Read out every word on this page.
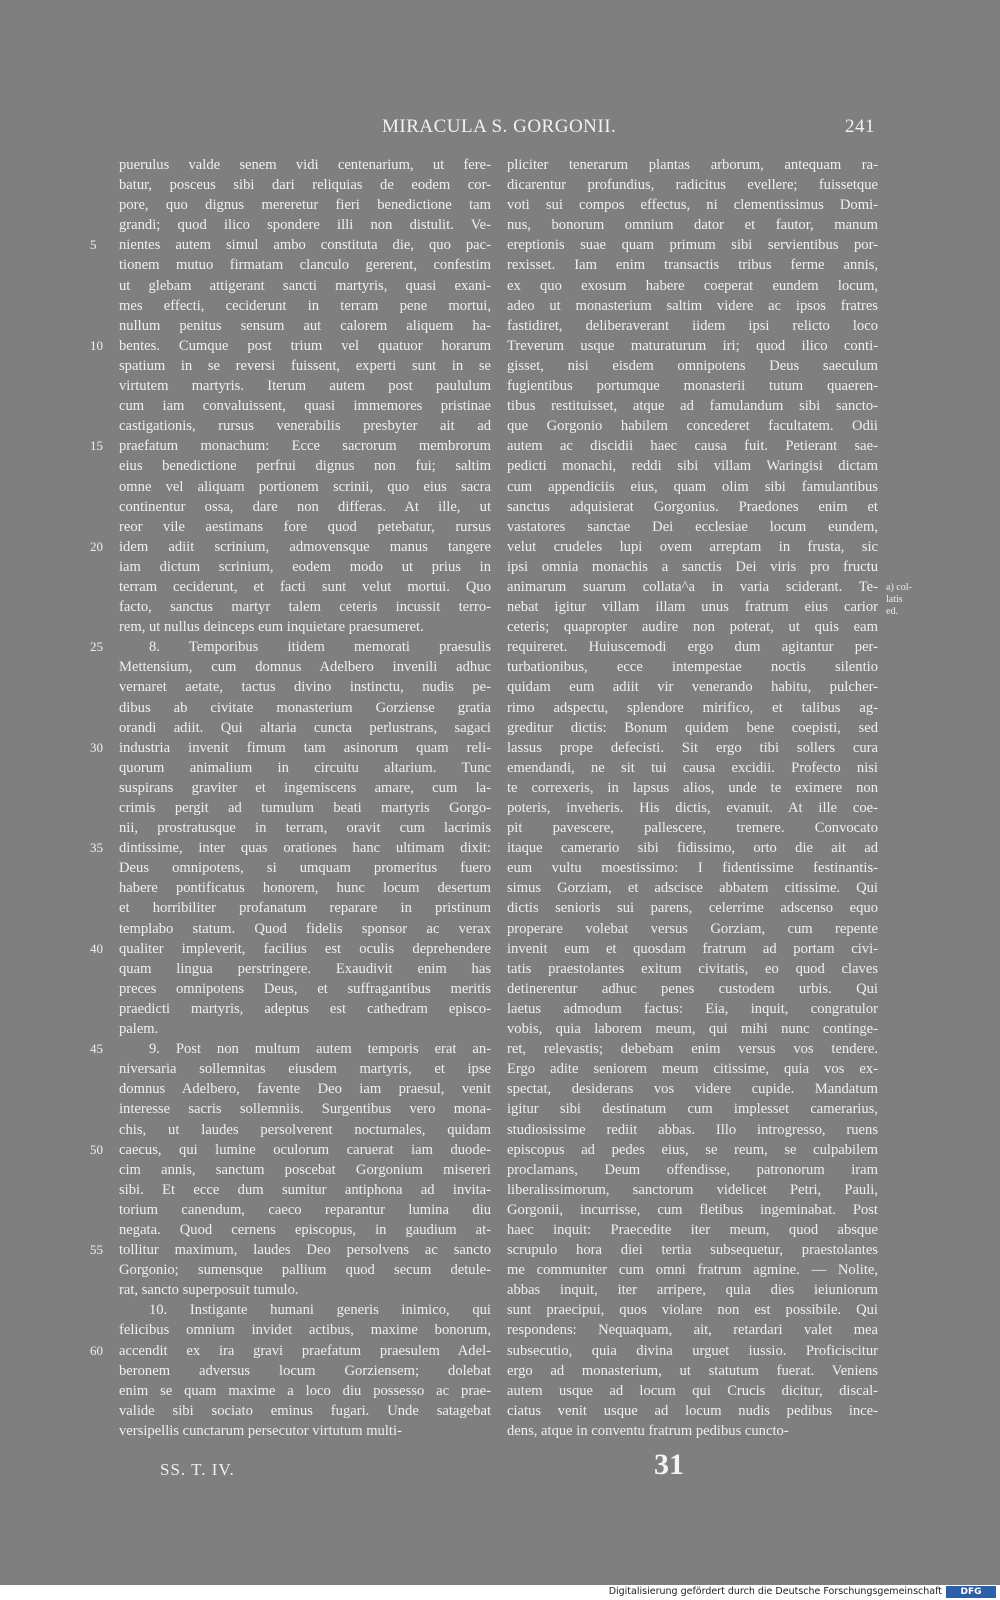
MIRACULA S. GORGONII.	241
puerulus valde senem vidi centenarium, ut fere-
batur, posceus sibi dari reliquias de eodem cor-
pore, quo dignus mereretur fieri benedictione tam
grandi; quod ilico spondere illi non distulit. Ve-
nientes autem simul ambo constituta die, quo pac-
tionem mutuo firmatam clanculo gererent, confestim
ut glebam attigerant sancti martyris, quasi exani-
mes effecti, ceciderunt in terram pene mortui,
nullum penitus sensum aut calorem aliquem ha-
bentes. Cumque post trium vel quatuor horarum
spatium in se reversi fuissent, experti sunt in se
virtutem martyris. Iterum autem post paululum
cum iam convaluissent, quasi immemores pristinae
castigationis, rursus venerabilis presbyter ait ad
praefatum monachum: Ecce sacrorum membrorum
eius benedictione perfrui dignus non fui; saltim
omne vel aliquam portionem scrinii, quo eius sacra
continentur ossa, dare non differas. At ille, ut
reor vile aestimans fore quod petebatur, rursus
idem adiit scrinium, admovensque manus tangere
iam dictum scrinium, eodem modo ut prius in
terram ceciderunt, et facti sunt velut mortui. Quo
facto, sanctus martyr talem ceteris incussit terro-
rem, ut nullus deinceps eum inquietare praesumeret.
8. Temporibus itidem memorati praesulis
Mettensium, cum domnus Adelbero invenili adhuc
vernaret aetate, tactus divino instinctu, nudis pe-
dibus ab civitate monasterium Gorziense gratia
orandi adiit. Qui altaria cuncta perlustrans, sagaci
industria invenit fimum tam asinorum quam reli-
quorum animalium in circuitu altarium. Tunc
suspirans graviter et ingemiscens amare, cum la-
crimis pergit ad tumulum beati martyris Gorgo-
nii, prostratusque in terram, oravit cum lacrimis
dintissime, inter quas orationes hanc ultimam dixit:
Deus omnipotens, si umquam promeritus fuero
habere pontificatus honorem, hunc locum desertum
et horribiliter profanatum reparare in pristinum
templabo statum. Quod fidelis sponsor ac verax
qualiter impleverit, facilius est oculis deprehendere
quam lingua perstringere. Exaudivit enim has
preces omnipotens Deus, et suffragantibus meritis
praedicti martyris, adeptus est cathedram episco-
palem.
9. Post non multum autem temporis erat an-
niversaria sollemnitas eiusdem martyris, et ipse
domnus Adelbero, favente Deo iam praesul, venit
interesse sacris sollemniis. Surgentibus vero mona-
chis, ut laudes persolverent nocturnales, quidam
caecus, qui lumine oculorum caruerat iam duode-
cim annis, sanctum poscebat Gorgonium misereri
sibi. Et ecce dum sumitur antiphona ad invita-
torium canendum, caeco reparantur lumina diu
negata. Quod cernens episcopus, in gaudium at-
tollitur maximum, laudes Deo persolvens ac sancto
Gorgonio; sumensque pallium quod secum detule-
rat, sancto superposuit tumulo.
10. Instigante humani generis inimico, qui
felicibus omnium invidet actibus, maxime bonorum,
accendit ex ira gravi praefatum praesulem Adel-
beronem adversus locum Gorziensem; dolebat
enim se quam maxime a loco diu possesso ac prae-
valide sibi sociato eminus fugari. Unde satagebat
versipellis cunctarum persecutor virtutum multi-
pliciter tenerarum plantas arborum, antequam ra-
dicarentur profundius, radicitus evellere; fuissetque
voti sui compos effectus, ni clementissimus Domi-
nus, bonorum omnium dator et fautor, manum
ereptionis suae quam primum sibi servientibus por-
rexisset. Iam enim transactis tribus ferme annis,
ex quo exosum habere coeperat eundem locum,
adeo ut monasterium saltim videre ac ipsos fratres
fastidiret, deliberaverant iidem ipsi relicto loco
Treverum usque maturaturum iri; quod ilico conti-
gisset, nisi eisdem omnipotens Deus saeculum
fugientibus portumque monasterii tutum quaeren-
tibus restituisset, atque ad famulandum sibi sancto-
que Gorgonio habilem concederet facultatem. Odii
autem ac discidii haec causa fuit. Petierant sae-
pedicti monachi, reddi sibi villam Waringisi dictam
cum appendiciis eius, quam olim sibi famulantibus
sanctus adquisierat Gorgonius. Praedones enim et
vastatores sanctae Dei ecclesiae locum eundem,
velut crudeles lupi ovem arreptam in frusta, sic
ipsi omnia monachis a sanctis Dei viris pro fructu
animarum suarum collata^a in varia sciderant. Te-
nebat igitur villam illam unus fratrum eius carior
ceteris; quapropter audire non poterat, ut quis eam
requireret. Huiuscemodi ergo dum agitantur per-
turbationibus, ecce intempestae noctis silentio
quidam eum adiit vir venerando habitu, pulcher-
rimo adspectu, splendore mirifico, et talibus ag-
greditur dictis: Bonum quidem bene coepisti, sed
lassus prope defecisti. Sit ergo tibi sollers cura
emendandi, ne sit tui causa excidii. Profecto nisi
te correxeris, in lapsus alios, unde te eximere non
poteris, inveheris. His dictis, evanuit. At ille coe-
pit pavescere, pallescere, tremere. Convocato
itaque camerario sibi fidissimo, orto die ait ad
eum vultu moestissimo: I fidentissime festinantis-
simus Gorziam, et adscisce abbatem citissime. Qui
dictis senioris sui parens, celerrime adscenso equo
properare volebat versus Gorziam, cum repente
invenit eum et quosdam fratrum ad portam civi-
tatis praestolantes exitum civitatis, eo quod claves
detinerentur adhuc penes custodem urbis. Qui
laetus admodum factus: Eia, inquit, congratulor
vobis, quia laborem meum, qui mihi nunc continge-
ret, relevastis; debebam enim versus vos tendere.
Ergo adite seniorem meum citissime, quia vos ex-
spectat, desiderans vos videre cupide. Mandatum
igitur sibi destinatum cum implesset camerarius,
studiosissime rediit abbas. Illo introgresso, ruens
episcopus ad pedes eius, se reum, se culpabilem
proclamans, Deum offendisse, patronorum iram
liberalissimorum, sanctorum videlicet Petri, Pauli,
Gorgonii, incurrisse, cum fletibus ingeminabat. Post
haec inquit: Praecedite iter meum, quod absque
scrupulo hora diei tertia subsequetur, praestolantes
me communiter cum omni fratrum agmine. — Nolite,
abbas inquit, iter arripere, quia dies ieiuniorum
sunt praecipui, quos violare non est possibile. Qui
respondens: Nequaquam, ait, retardari valet mea
subsecutio, quia divina urguet iussio. Proficiscitur
ergo ad monasterium, ut statutum fuerat. Veniens
autem usque ad locum qui Crucis dicitur, discal-
ciatus venit usque ad locum nudis pedibus ince-
dens, atque in conventu fratrum pedibus cuncto-
5
10
15
20
25
30
35
40
45
50
55
60
a) col-
latis
ed.
SS. T. IV.	31
Digitalisierung gefördert durch die Deutsche Forschungsgemeinschaft	DFG
